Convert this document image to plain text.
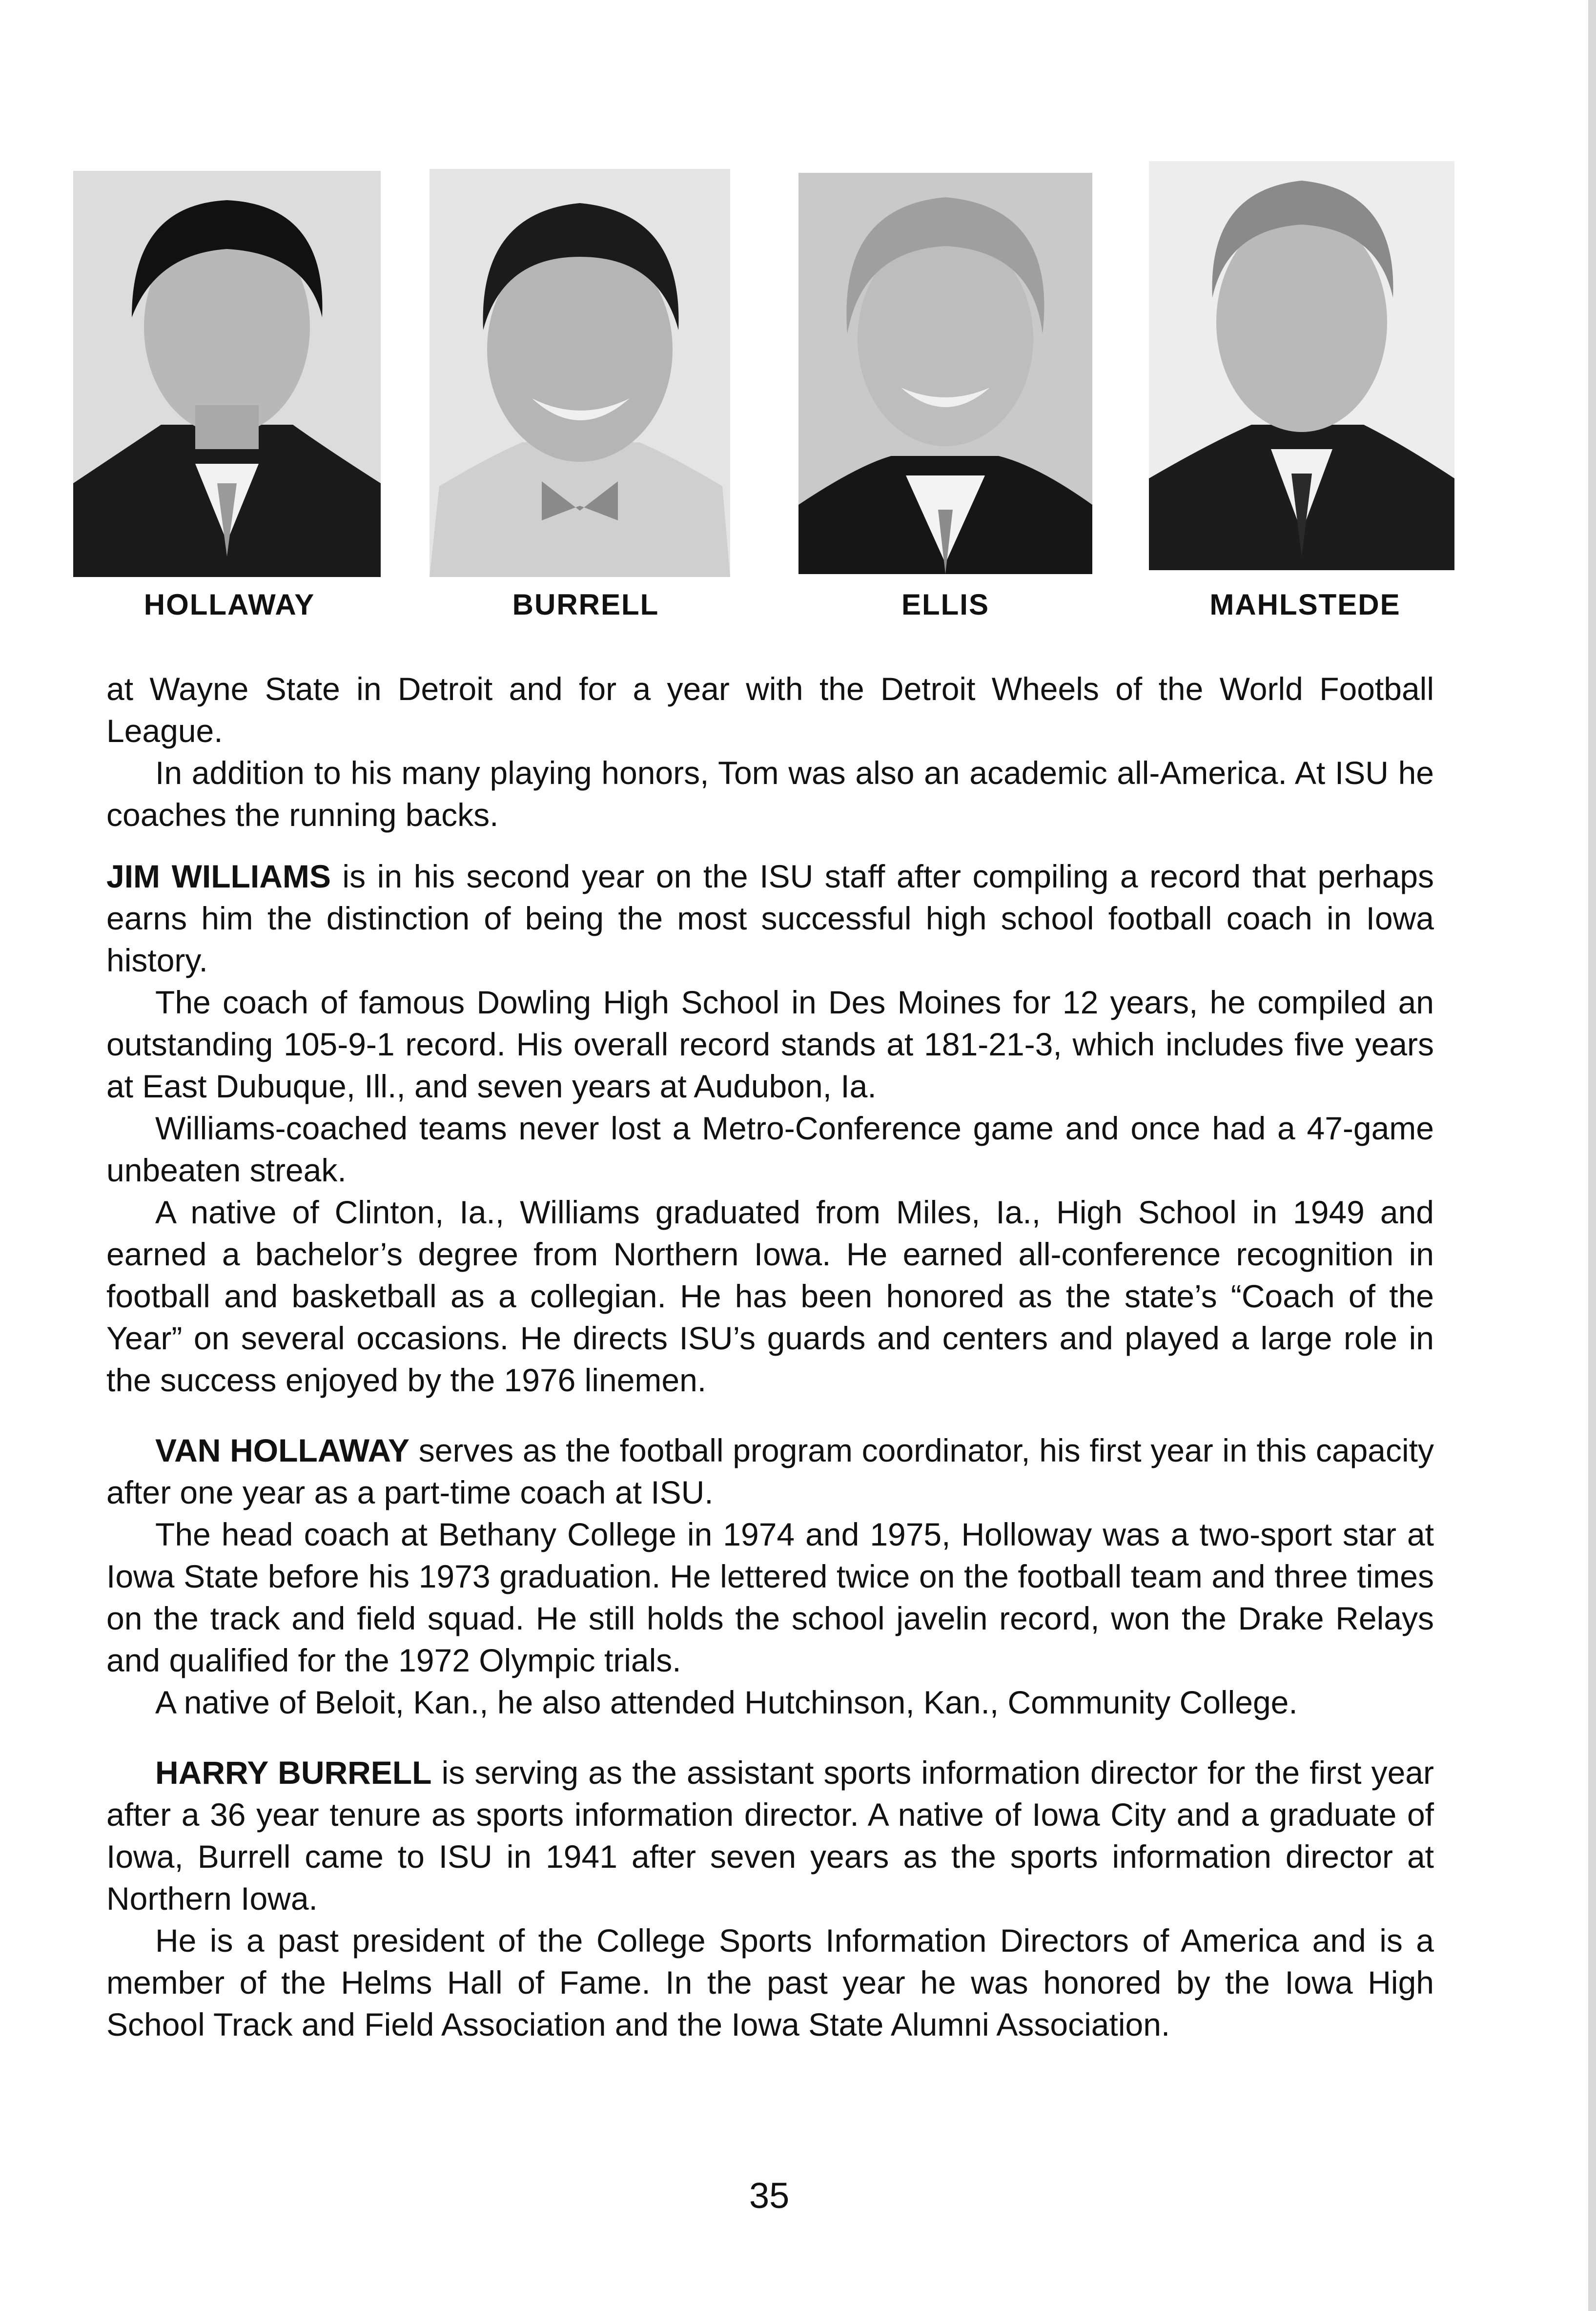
HOLLAWAY	BURRELL	ELLIS	MAHLSTEDE

at Wayne State in Detroit and for a year with the Detroit Wheels of the World Football League.

In addition to his many playing honors, Tom was also an academic all-America. At ISU he coaches the running backs.

JIM WILLIAMS is in his second year on the ISU staff after compiling a record that perhaps earns him the distinction of being the most successful high school football coach in Iowa history.

The coach of famous Dowling High School in Des Moines for 12 years, he compiled an outstanding 105-9-1 record. His overall record stands at 181-21-3, which includes five years at East Dubuque, Ill., and seven years at Audubon, Ia.

Williams-coached teams never lost a Metro-Conference game and once had a 47-game unbeaten streak.

A native of Clinton, Ia., Williams graduated from Miles, Ia., High School in 1949 and earned a bachelor’s degree from Northern Iowa. He earned all-conference recognition in football and basketball as a collegian. He has been honored as the state’s “Coach of the Year” on several occasions. He directs ISU’s guards and centers and played a large role in the success enjoyed by the 1976 linemen.

VAN HOLLAWAY serves as the football program coordinator, his first year in this capacity after one year as a part-time coach at ISU.

The head coach at Bethany College in 1974 and 1975, Holloway was a two-sport star at Iowa State before his 1973 graduation. He lettered twice on the football team and three times on the track and field squad. He still holds the school javelin record, won the Drake Relays and qualified for the 1972 Olympic trials.

A native of Beloit, Kan., he also attended Hutchinson, Kan., Community College.

HARRY BURRELL is serving as the assistant sports information director for the first year after a 36 year tenure as sports information director. A native of Iowa City and a graduate of Iowa, Burrell came to ISU in 1941 after seven years as the sports information director at Northern Iowa.

He is a past president of the College Sports Information Directors of America and is a member of the Helms Hall of Fame. In the past year he was honored by the Iowa High School Track and Field Association and the Iowa State Alumni Association.

35
